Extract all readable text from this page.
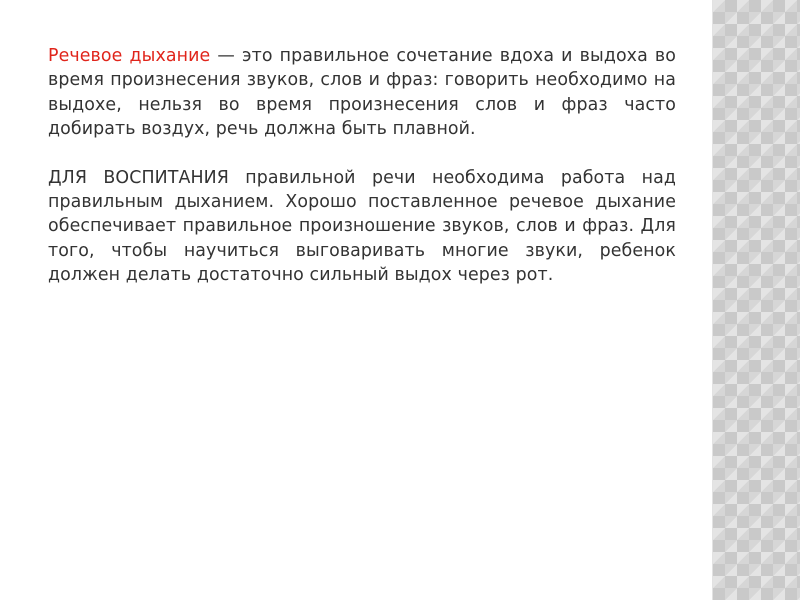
Речевое дыхание — это правильное сочетание вдоха и выдоха во время произнесения звуков, слов и фраз: говорить необходимо на выдохе, нельзя во время произнесения слов и фраз часто добирать воздух, речь должна быть плавной.

ДЛЯ ВОСПИТАНИЯ правильной речи необходима работа над правильным дыханием. Хорошо поставленное речевое дыхание обеспечивает правильное произношение звуков, слов и фраз. Для того, чтобы научиться выговаривать многие звуки, ребенок должен делать достаточно сильный выдох через рот.
